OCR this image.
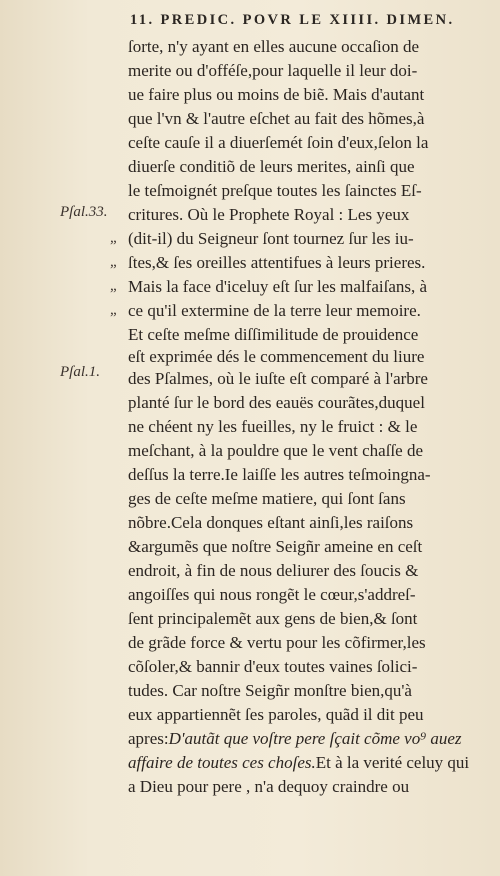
11. PREDIC. POVR LE XIIII. DIMEN.
Pſal.33.
Pſal.1.
„
„
„
„
ſorte, n'y ayant en elles aucune occaſion de
merite ou d'offéſe,pour laquelle il leur doi-
ue faire plus ou moins de biẽ. Mais d'autant
que l'vn & l'autre eſchet au fait des hõmes,à
ceſte cauſe il a diuerſemét ſoin d'eux,ſelon la
diuerſe conditiõ de leurs merites, ainſi que
le teſmoignét preſque toutes les ſainctes Eſ-
critures. Où le Prophete Royal : Les yeux
(dit-il) du Seigneur ſont tournez ſur les iu-
ſtes,& ſes oreilles attentifues à leurs prieres.
Mais la face d'iceluy eſt ſur les malfaiſans, à
ce qu'il extermine de la terre leur memoire.
Et ceſte meſme diſſimilitude de prouidence
eſt exprimée dés le commencement du liure
des Pſalmes, où le iuſte eſt comparé à l'arbre
planté ſur le bord des eauës courãtes,duquel
ne chéent ny les fueilles, ny le fruict : & le
meſchant, à la pouldre que le vent chaſſe de
deſſus la terre.Ie laiſſe les autres teſmoingna-
ges de ceſte meſme matiere, qui ſont ſans
nõbre.Cela donques eſtant ainſi,les raiſons
&argumẽs que noſtre Seigñr ameine en ceſt
endroit, à fin de nous deliurer des ſoucis &
angoiſſes qui nous rongẽt le cœur,s'addreſ-
ſent principalemẽt aux gens de bien,& ſont
de grãde force & vertu pour les cõfirmer,les
cõſoler,& bannir d'eux toutes vaines ſolici-
tudes. Car noſtre Seigñr monſtre bien,qu'à
eux appartiennẽt ſes paroles, quãd il dit peu
apres:D'autãt que voſtre pere ſçait cõme vo⁹ auez
affaire de toutes ces choſes.Et à la verité celuy qui
a Dieu pour pere , n'a dequoy craindre ou
